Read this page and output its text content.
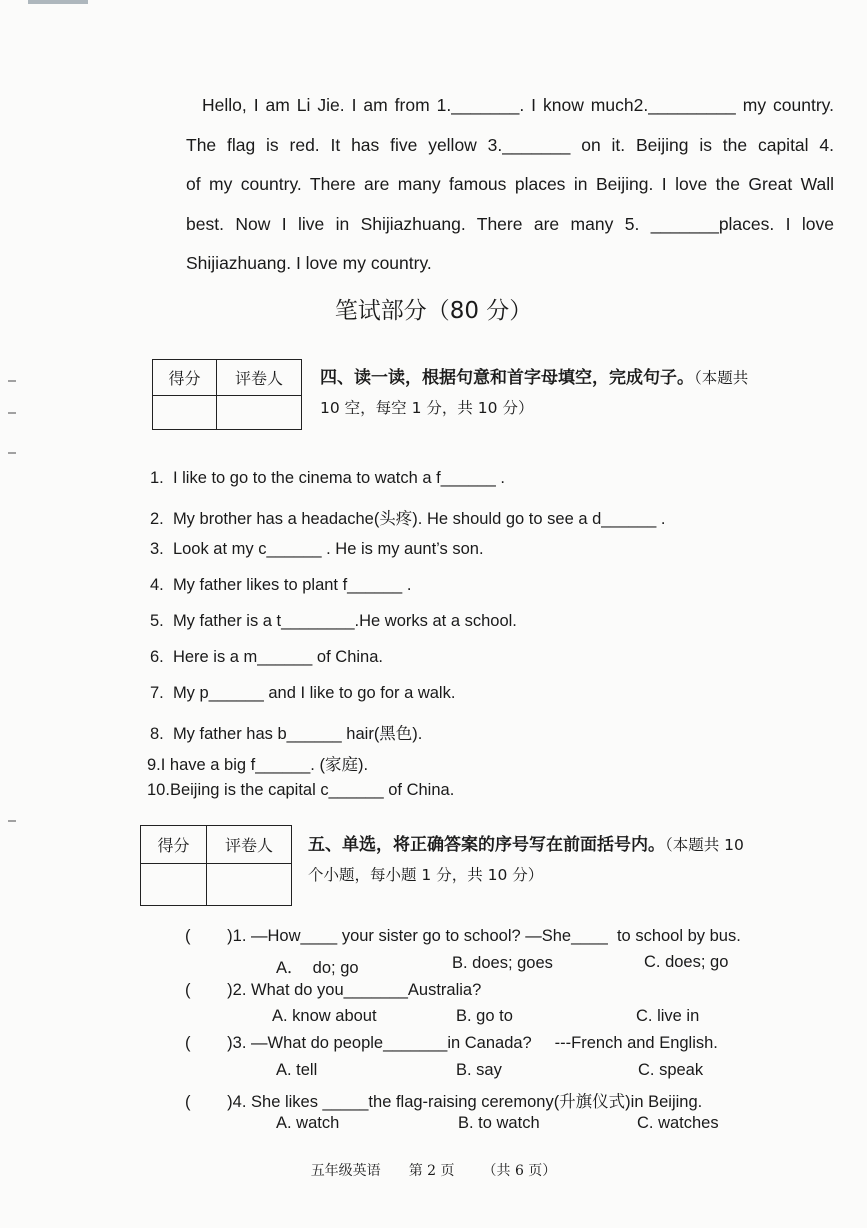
Hello, I am Li Jie. I am from 1._______. I know much2._________ my country.
The flag is red. It has five yellow 3._______ on it. Beijing is the capital 4.
of my country. There are many famous places in Beijing. I love the Great Wall
best. Now I live in Shijiazhuang. There are many 5. _______places. I love
Shijiazhuang. I love my country.
笔试部分（80 分）
得分	评卷人
	四、读一读，根据句意和首字母填空，完成句子。（本题共
10 空，每空 1 分，共 10 分）
1. I like to go to the cinema to watch a f______ .
2. My brother has a headache(头疼). He should go to see a d______ .
3. Look at my c______ . He is my aunt’s son.
4. My father likes to plant f______ .
5. My father is a t________.He works at a school.
6. Here is a m______ of China.
7. My p______ and I like to go for a walk.
8. My father has b______ hair(黑色).
9.I have a big f______. (家庭).
10.Beijing is the capital c______ of China.
得分	评卷人
	五、单选，将正确答案的序号写在前面括号内。（本题共 10
个小题，每小题 1 分，共 10 分）
(        )1. —How____ your sister go to school? —She____  to school by bus.
A．  do; go	B. does; goes	C. does; go
(        )2. What do you_______Australia?
A. know about	B. go to	C. live in
(        )3. —What do people_______in Canada?     ---French and English.
A. tell	B. say	C. speak
(        )4. She likes _____the flag-raising ceremony(升旗仪式)in Beijing.
A. watch	B. to watch	C. watches
五年级英语 第 2 页 （共 6 页）
